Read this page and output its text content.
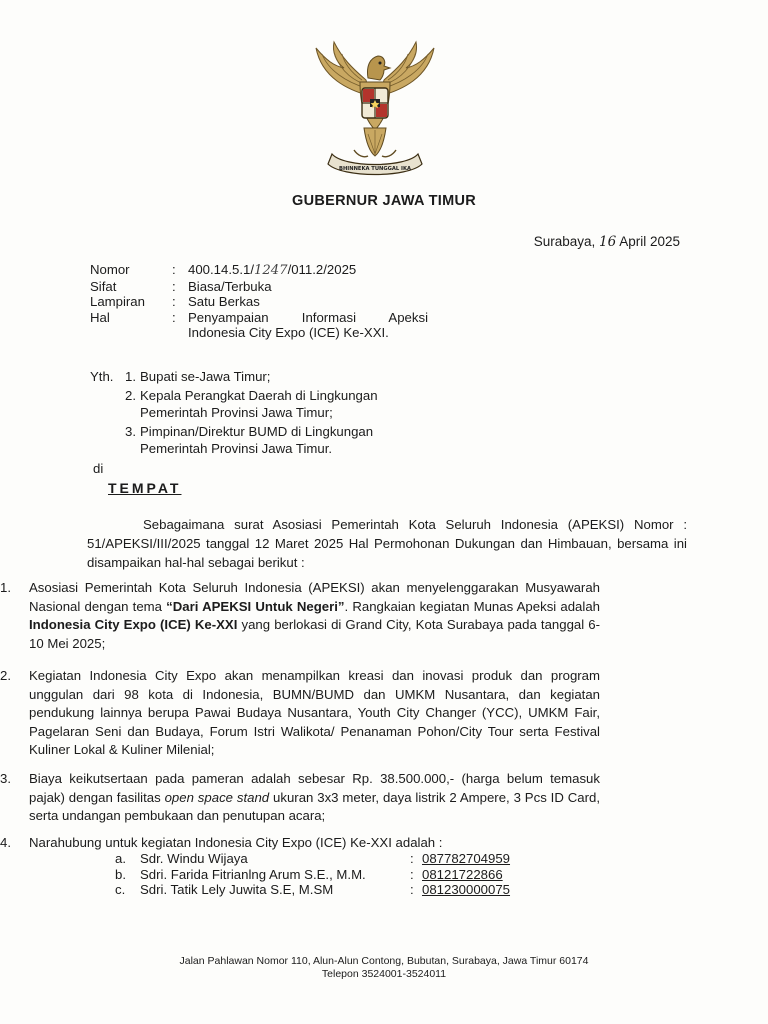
BHINNEKA TUNGGAL IKA
GUBERNUR JAWA TIMUR
Surabaya, 16 April 2025
Nomor	: 400.14.5.1/1247/011.2/2025
Sifat	: Biasa/Terbuka
Lampiran	: Satu Berkas
Hal	: Penyampaian Informasi Apeksi
Indonesia City Expo (ICE) Ke-XXI.
Yth. 1. Bupati se-Jawa Timur;
2. Kepala Perangkat Daerah di Lingkungan
Pemerintah Provinsi Jawa Timur;
3. Pimpinan/Direktur BUMD di Lingkungan
Pemerintah Provinsi Jawa Timur.
di
TEMPAT
Sebagaimana surat Asosiasi Pemerintah Kota Seluruh Indonesia (APEKSI) Nomor : 51/APEKSI/III/2025 tanggal 12 Maret 2025 Hal Permohonan Dukungan dan Himbauan, bersama ini disampaikan hal-hal sebagai berikut :
1.	Asosiasi Pemerintah Kota Seluruh Indonesia (APEKSI) akan menyelenggarakan Musyawarah Nasional dengan tema “Dari APEKSI Untuk Negeri”. Rangkaian kegiatan Munas Apeksi adalah Indonesia City Expo (ICE) Ke-XXI yang berlokasi di Grand City, Kota Surabaya pada tanggal 6-10 Mei 2025;
2.	Kegiatan Indonesia City Expo akan menampilkan kreasi dan inovasi produk dan program unggulan dari 98 kota di Indonesia, BUMN/BUMD dan UMKM Nusantara, dan kegiatan pendukung lainnya berupa Pawai Budaya Nusantara, Youth City Changer (YCC), UMKM Fair, Pagelaran Seni dan Budaya, Forum Istri Walikota/ Penanaman Pohon/City Tour serta Festival Kuliner Lokal & Kuliner Milenial;
3.	Biaya keikutsertaan pada pameran adalah sebesar Rp. 38.500.000,- (harga belum temasuk pajak) dengan fasilitas open space stand ukuran 3x3 meter, daya listrik 2 Ampere, 3 Pcs ID Card, serta undangan pembukaan dan penutupan acara;
4.	Narahubung untuk kegiatan Indonesia City Expo (ICE) Ke-XXI adalah :
a.	Sdr. Windu Wijaya	: 087782704959
b.	Sdri. Farida Fitrianlng Arum S.E., M.M.	: 08121722866
c.	Sdri. Tatik Lely Juwita S.E, M.SM	: 081230000075
Jalan Pahlawan Nomor 110, Alun-Alun Contong, Bubutan, Surabaya, Jawa Timur 60174
Telepon 3524001-3524011
